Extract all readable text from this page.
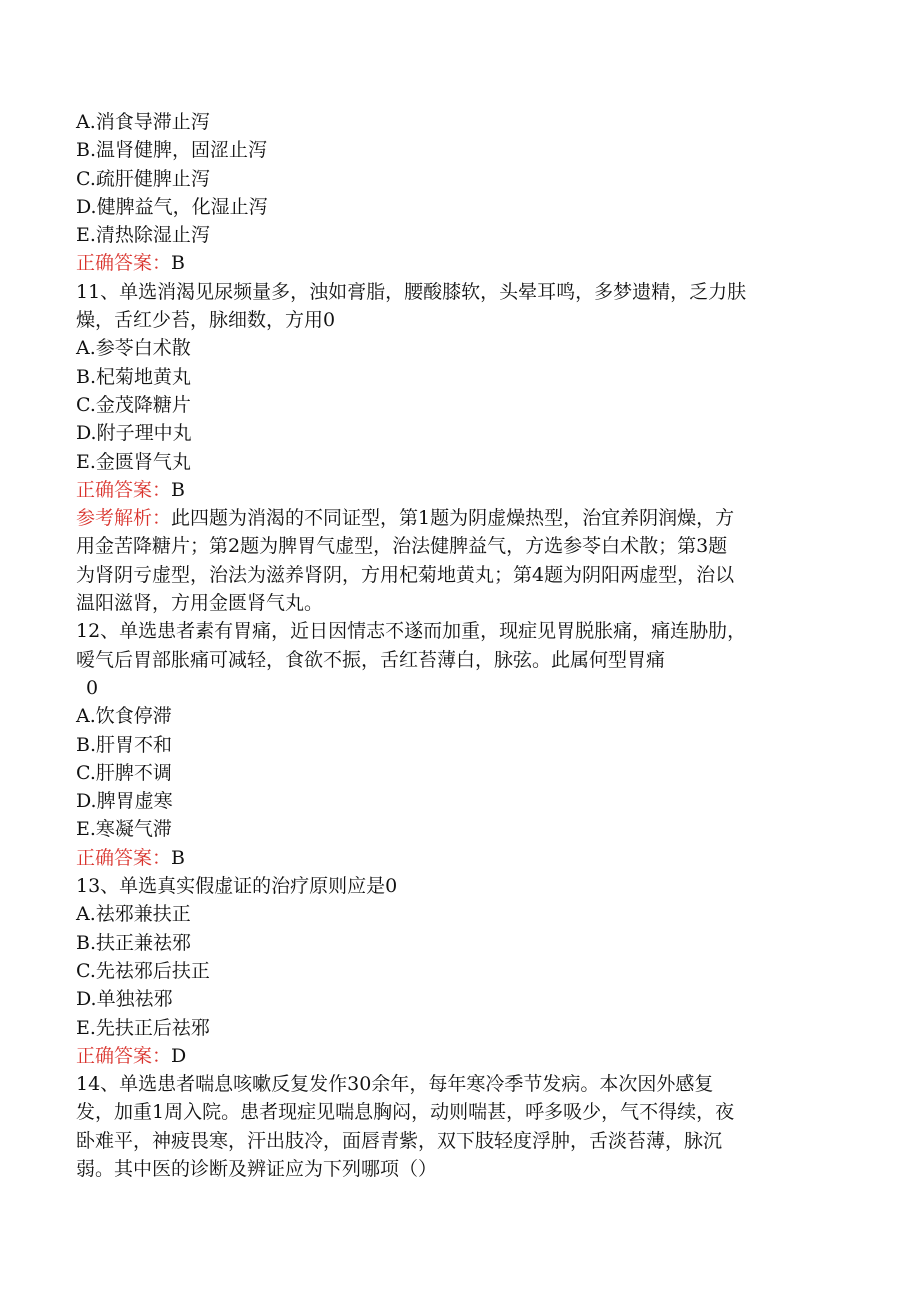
A.消食导滞止泻
B.温肾健脾，固涩止泻
C.疏肝健脾止泻
D.健脾益气，化湿止泻
E.清热除湿止泻
正确答案：B
11、单选消渴见尿频量多，浊如膏脂，腰酸膝软，头晕耳鸣，多梦遗精，乏力肤
燥，舌红少苔，脉细数，方用0
A.参苓白术散
B.杞菊地黄丸
C.金茂降糖片
D.附子理中丸
E.金匮肾气丸
正确答案：B
参考解析：此四题为消渴的不同证型，第1题为阴虚燥热型，治宜养阴润燥，方
用金苦降糖片；第2题为脾胃气虚型，治法健脾益气，方选参苓白术散；第3题
为肾阴亏虚型，治法为滋养肾阴，方用杞菊地黄丸；第4题为阴阳两虚型，治以
温阳滋肾，方用金匮肾气丸。
12、单选患者素有胃痛，近日因情志不遂而加重，现症见胃脱胀痛，痛连胁肋，
嗳气后胃部胀痛可减轻，食欲不振，舌红苔薄白，脉弦。此属何型胃痛
0
A.饮食停滞
B.肝胃不和
C.肝脾不调
D.脾胃虚寒
E.寒凝气滞
正确答案：B
13、单选真实假虚证的治疗原则应是0
A.祛邪兼扶正
B.扶正兼祛邪
C.先祛邪后扶正
D.单独祛邪
E.先扶正后祛邪
正确答案：D
14、单选患者喘息咳嗽反复发作30余年，每年寒冷季节发病。本次因外感复
发，加重1周入院。患者现症见喘息胸闷，动则喘甚，呼多吸少，气不得续，夜
卧难平，神疲畏寒，汗出肢冷，面唇青紫，双下肢轻度浮肿，舌淡苔薄，脉沉
弱。其中医的诊断及辨证应为下列哪项（）
